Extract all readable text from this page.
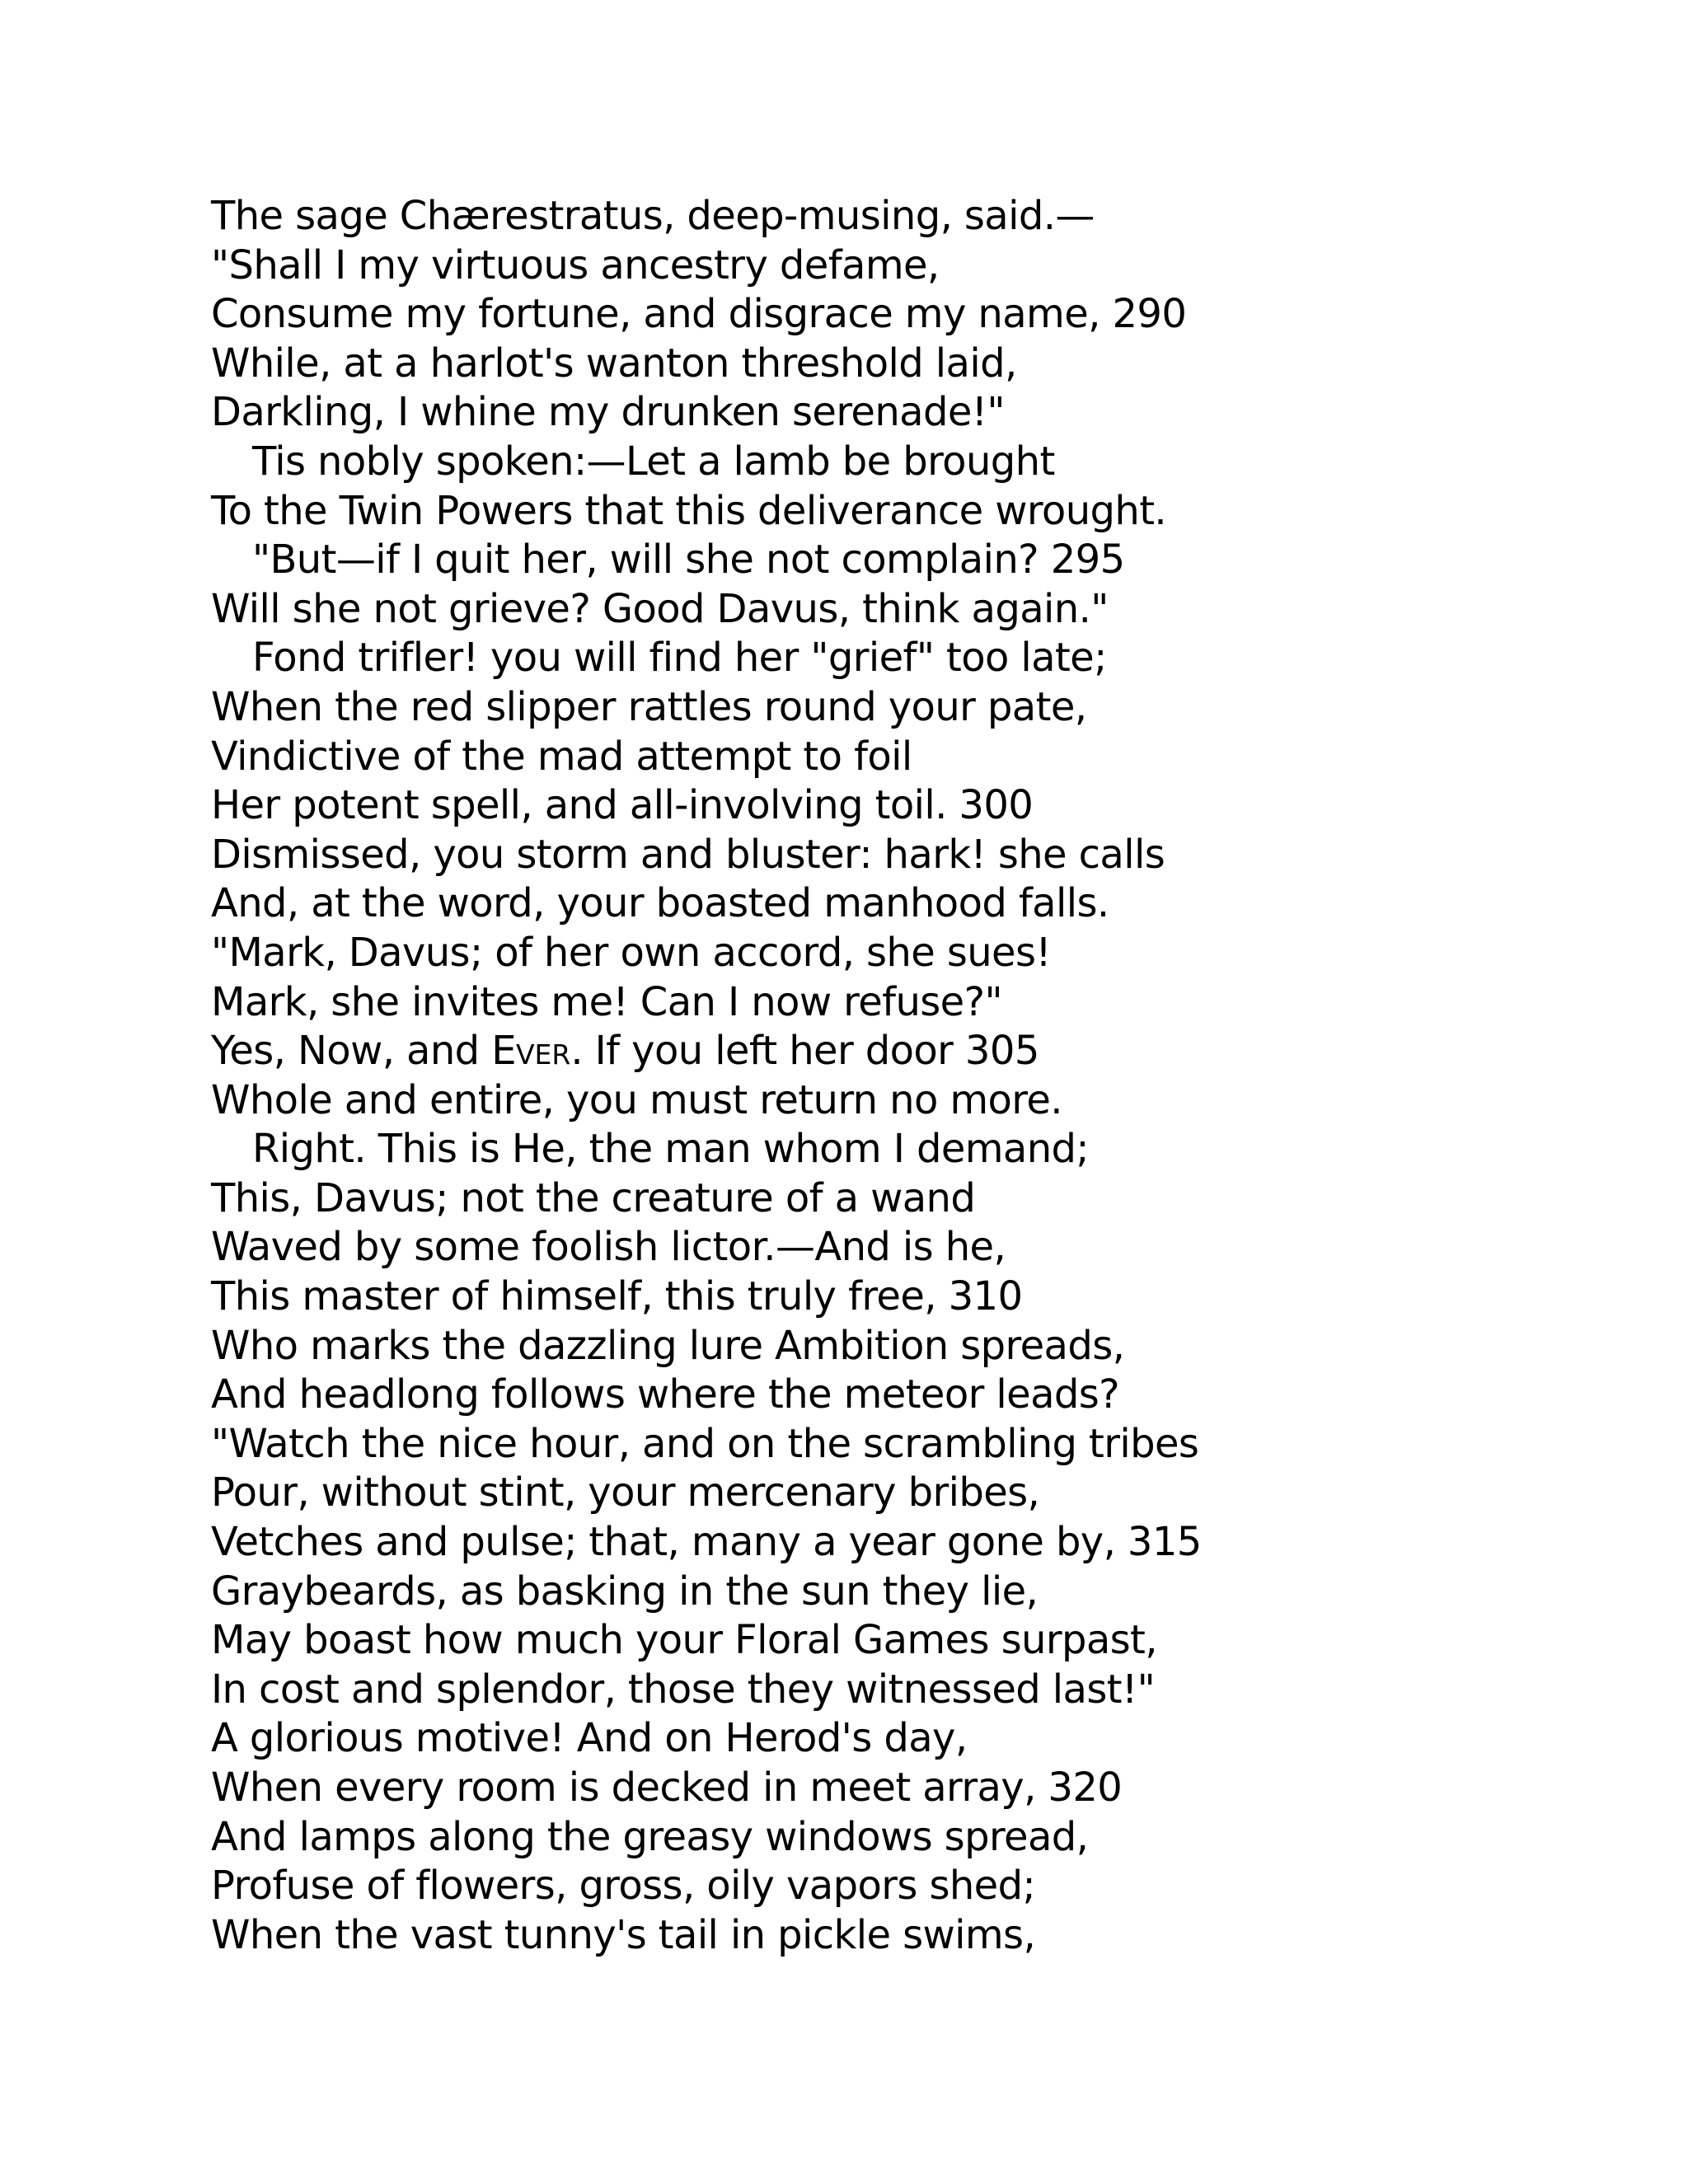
The sage Chærestratus, deep-musing, said.—
"Shall I my virtuous ancestry defame,
Consume my fortune, and disgrace my name, 290
While, at a harlot's wanton threshold laid,
Darkling, I whine my drunken serenade!"
Tis nobly spoken:—Let a lamb be brought
To the Twin Powers that this deliverance wrought.
"But—if I quit her, will she not complain? 295
Will she not grieve? Good Davus, think again."
Fond trifler! you will find her "grief" too late;
When the red slipper rattles round your pate,
Vindictive of the mad attempt to foil
Her potent spell, and all-involving toil. 300
Dismissed, you storm and bluster: hark! she calls
And, at the word, your boasted manhood falls.
"Mark, Davus; of her own accord, she sues!
Mark, she invites me! Can I now refuse?"
Yes, Now, and EVER. If you left her door 305
Whole and entire, you must return no more.
Right. This is He, the man whom I demand;
This, Davus; not the creature of a wand
Waved by some foolish lictor.—And is he,
This master of himself, this truly free, 310
Who marks the dazzling lure Ambition spreads,
And headlong follows where the meteor leads?
"Watch the nice hour, and on the scrambling tribes
Pour, without stint, your mercenary bribes,
Vetches and pulse; that, many a year gone by, 315
Graybeards, as basking in the sun they lie,
May boast how much your Floral Games surpast,
In cost and splendor, those they witnessed last!"
A glorious motive! And on Herod's day,
When every room is decked in meet array, 320
And lamps along the greasy windows spread,
Profuse of flowers, gross, oily vapors shed;
When the vast tunny's tail in pickle swims,
